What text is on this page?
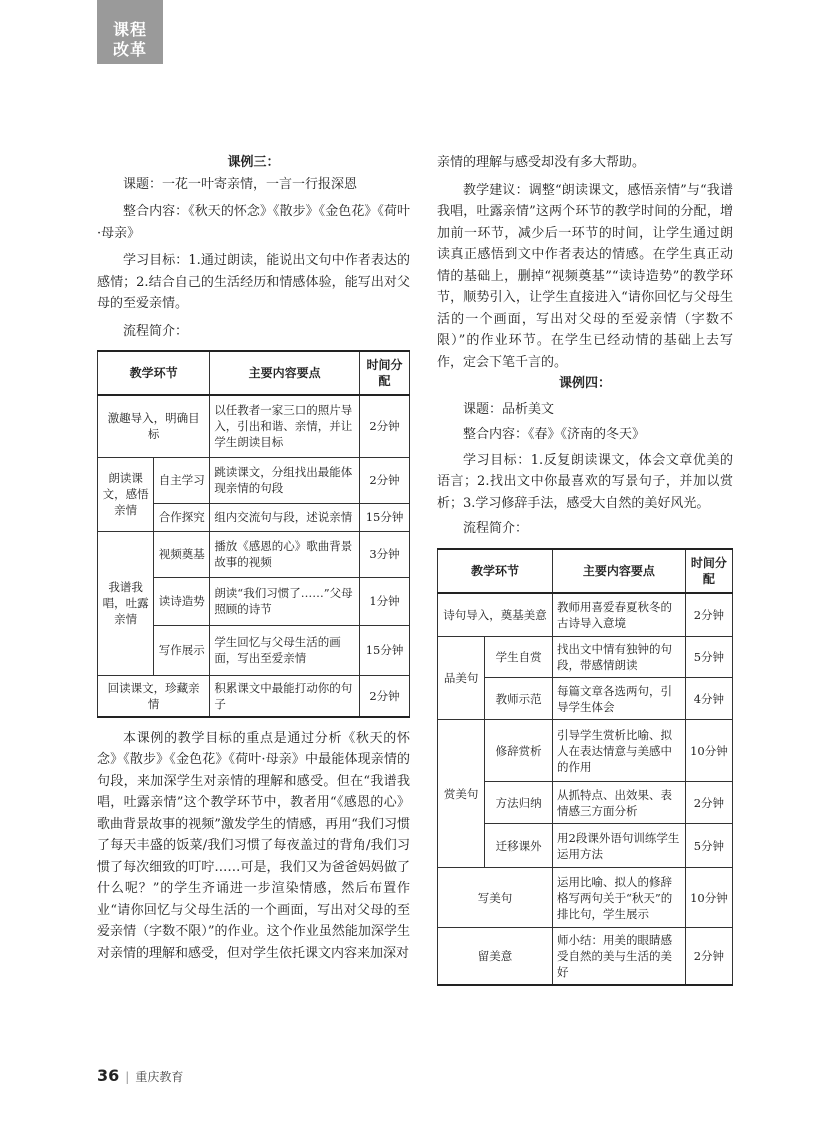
课程
改革

课例三：

课题：一花一叶寄亲情，一言一行报深恩

整合内容：《秋天的怀念》《散步》《金色花》《荷叶·母亲》

学习目标：1.通过朗读，能说出文句中作者表达的感情；2.结合自己的生活经历和情感体验，能写出对父母的至爱亲情。

流程简介：

教学环节		主要内容要点	时间分配
激趣导入，明确目标		以任教者一家三口的照片导入，引出和谐、亲情，并让学生朗读目标	2分钟
朗读课文，感悟亲情	自主学习	跳读课文，分组找出最能体现亲情的句段	2分钟
	合作探究	组内交流句与段，述说亲情	15分钟
我谱我唱，吐露亲情	视频奠基	播放《感恩的心》歌曲背景故事的视频	3分钟
	读诗造势	朗读“我们习惯了……”父母照顾的诗节	1分钟
	写作展示	学生回忆与父母生活的画面，写出至爱亲情	15分钟
回读课文，珍藏亲情		积累课文中最能打动你的句子	2分钟

本课例的教学目标的重点是通过分析《秋天的怀念》《散步》《金色花》《荷叶·母亲》中最能体现亲情的句段，来加深学生对亲情的理解和感受。但在“我谱我唱，吐露亲情”这个教学环节中，教者用“《感恩的心》歌曲背景故事的视频”激发学生的情感，再用“我们习惯了每天丰盛的饭菜/我们习惯了每夜盖过的背角/我们习惯了每次细致的叮咛……可是，我们又为爸爸妈妈做了什么呢？”的学生齐诵进一步渲染情感，然后布置作业“请你回忆与父母生活的一个画面，写出对父母的至爱亲情（字数不限）”的作业。这个作业虽然能加深学生对亲情的理解和感受，但对学生依托课文内容来加深对

亲情的理解与感受却没有多大帮助。

教学建议：调整“朗读课文，感悟亲情”与“我谱我唱，吐露亲情”这两个环节的教学时间的分配，增加前一环节，减少后一环节的时间，让学生通过朗读真正感悟到文中作者表达的情感。在学生真正动情的基础上，删掉“视频奠基”“读诗造势”的教学环节，顺势引入，让学生直接进入“请你回忆与父母生活的一个画面，写出对父母的至爱亲情（字数不限）”的作业环节。在学生已经动情的基础上去写作，定会下笔千言的。

课例四：

课题：品析美文

整合内容：《春》《济南的冬天》

学习目标：1.反复朗读课文，体会文章优美的语言；2.找出文中你最喜欢的写景句子，并加以赏析；3.学习修辞手法，感受大自然的美好风光。

流程简介：

教学环节		主要内容要点	时间分配
诗句导入，奠基美意		教师用喜爱春夏秋冬的古诗导入意境	2分钟
品美句	学生自赏	找出文中情有独钟的句段，带感情朗读	5分钟
	教师示范	每篇文章各选两句，引导学生体会	4分钟
赏美句	修辞赏析	引导学生赏析比喻、拟人在表达情意与美感中的作用	10分钟
	方法归纳	从抓特点、出效果、表情感三方面分析	2分钟
	迁移课外	用2段课外语句训练学生运用方法	5分钟
写美句		运用比喻、拟人的修辞格写两句关于“秋天”的排比句，学生展示	10分钟
留美意		师小结：用美的眼睛感受自然的美与生活的美好	2分钟
36 | 重庆教育
